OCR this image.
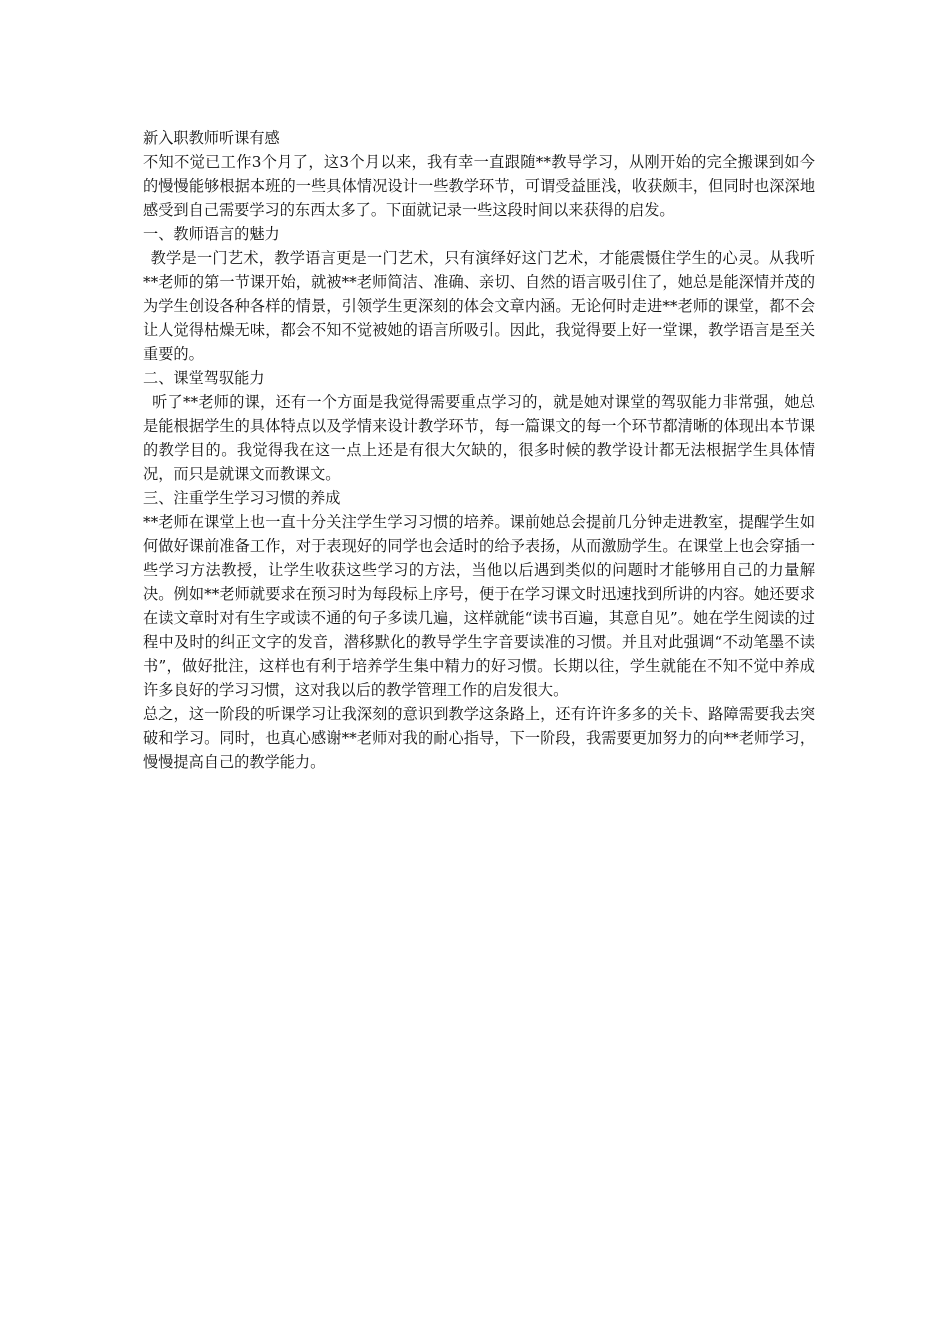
新入职教师听课有感

不知不觉已工作3个月了，这3个月以来，我有幸一直跟随**教导学习，从刚开始的完全搬课到如今的慢慢能够根据本班的一些具体情况设计一些教学环节，可谓受益匪浅，收获颇丰，但同时也深深地感受到自己需要学习的东西太多了。下面就记录一些这段时间以来获得的启发。

一、教师语言的魅力

教学是一门艺术，教学语言更是一门艺术，只有演绎好这门艺术，才能震慑住学生的心灵。从我听**老师的第一节课开始，就被**老师简洁、准确、亲切、自然的语言吸引住了，她总是能深情并茂的为学生创设各种各样的情景，引领学生更深刻的体会文章内涵。无论何时走进**老师的课堂，都不会让人觉得枯燥无味，都会不知不觉被她的语言所吸引。因此，我觉得要上好一堂课，教学语言是至关重要的。

二、课堂驾驭能力

听了**老师的课，还有一个方面是我觉得需要重点学习的，就是她对课堂的驾驭能力非常强，她总是能根据学生的具体特点以及学情来设计教学环节，每一篇课文的每一个环节都清晰的体现出本节课的教学目的。我觉得我在这一点上还是有很大欠缺的，很多时候的教学设计都无法根据学生具体情况，而只是就课文而教课文。

三、注重学生学习习惯的养成

**老师在课堂上也一直十分关注学生学习习惯的培养。课前她总会提前几分钟走进教室，提醒学生如何做好课前准备工作，对于表现好的同学也会适时的给予表扬，从而激励学生。在课堂上也会穿插一些学习方法教授，让学生收获这些学习的方法，当他以后遇到类似的问题时才能够用自己的力量解决。例如**老师就要求在预习时为每段标上序号，便于在学习课文时迅速找到所讲的内容。她还要求在读文章时对有生字或读不通的句子多读几遍，这样就能“读书百遍，其意自见”。她在学生阅读的过程中及时的纠正文字的发音，潜移默化的教导学生字音要读准的习惯。并且对此强调“不动笔墨不读书”，做好批注，这样也有利于培养学生集中精力的好习惯。长期以往，学生就能在不知不觉中养成许多良好的学习习惯，这对我以后的教学管理工作的启发很大。

总之，这一阶段的听课学习让我深刻的意识到教学这条路上，还有许许多多的关卡、路障需要我去突破和学习。同时，也真心感谢**老师对我的耐心指导，下一阶段，我需要更加努力的向**老师学习，慢慢提高自己的教学能力。
